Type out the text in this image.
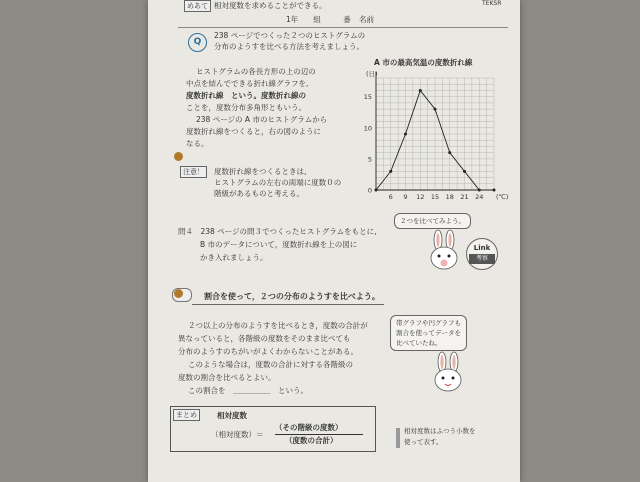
めあて 相対度数を求めることができる。	TEKSR
1年　　組　　　番 名前
Q
238 ページでつくった２つのヒストグラムの
分布のようすを比べる方法を考えましょう。
ヒストグラムの各長方形の上の辺の
中点を結んでできる折れ線グラフを,
度数折れ線　という。度数折れ線の
ことを，度数分布多角形ともいう。
238 ページの A 市のヒストグラムから
度数折れ線をつくると，右の図のように
なる。
注意！	度数折れ線をつくるときは,
ヒストグラムの左右の両端に度数０の
階級があるものと考える。
A 市の最高気温の度数折れ線
0
5
10
15
6 9 12 15 18 21 24
(日)
(℃)
問４　238 ページの問３でつくったヒストグラムをもとに,
B 市のデータについて，度数折れ線を上の図に
かき入れましょう。
２つを比べてみよう。
Link
考察
割合を使って，２つの分布のようすを比べよう。
２つ以上の分布のようすを比べるとき，度数の合計が
異なっていると，各階級の度数をそのまま比べても
分布のようすのちがいがよくわからないことがある。
このような場合は，度数の合計に対する各階級の
度数の割合を比べるとよい。
この割合を　＿＿＿＿＿　という。
帯グラフや円グラフも
割合を使ってデータを
比べていたね。
まとめ	相対度数
（相対度数）＝
（その階級の度数）
（度数の合計）
相対度数はふつう小数を
使って表す。
